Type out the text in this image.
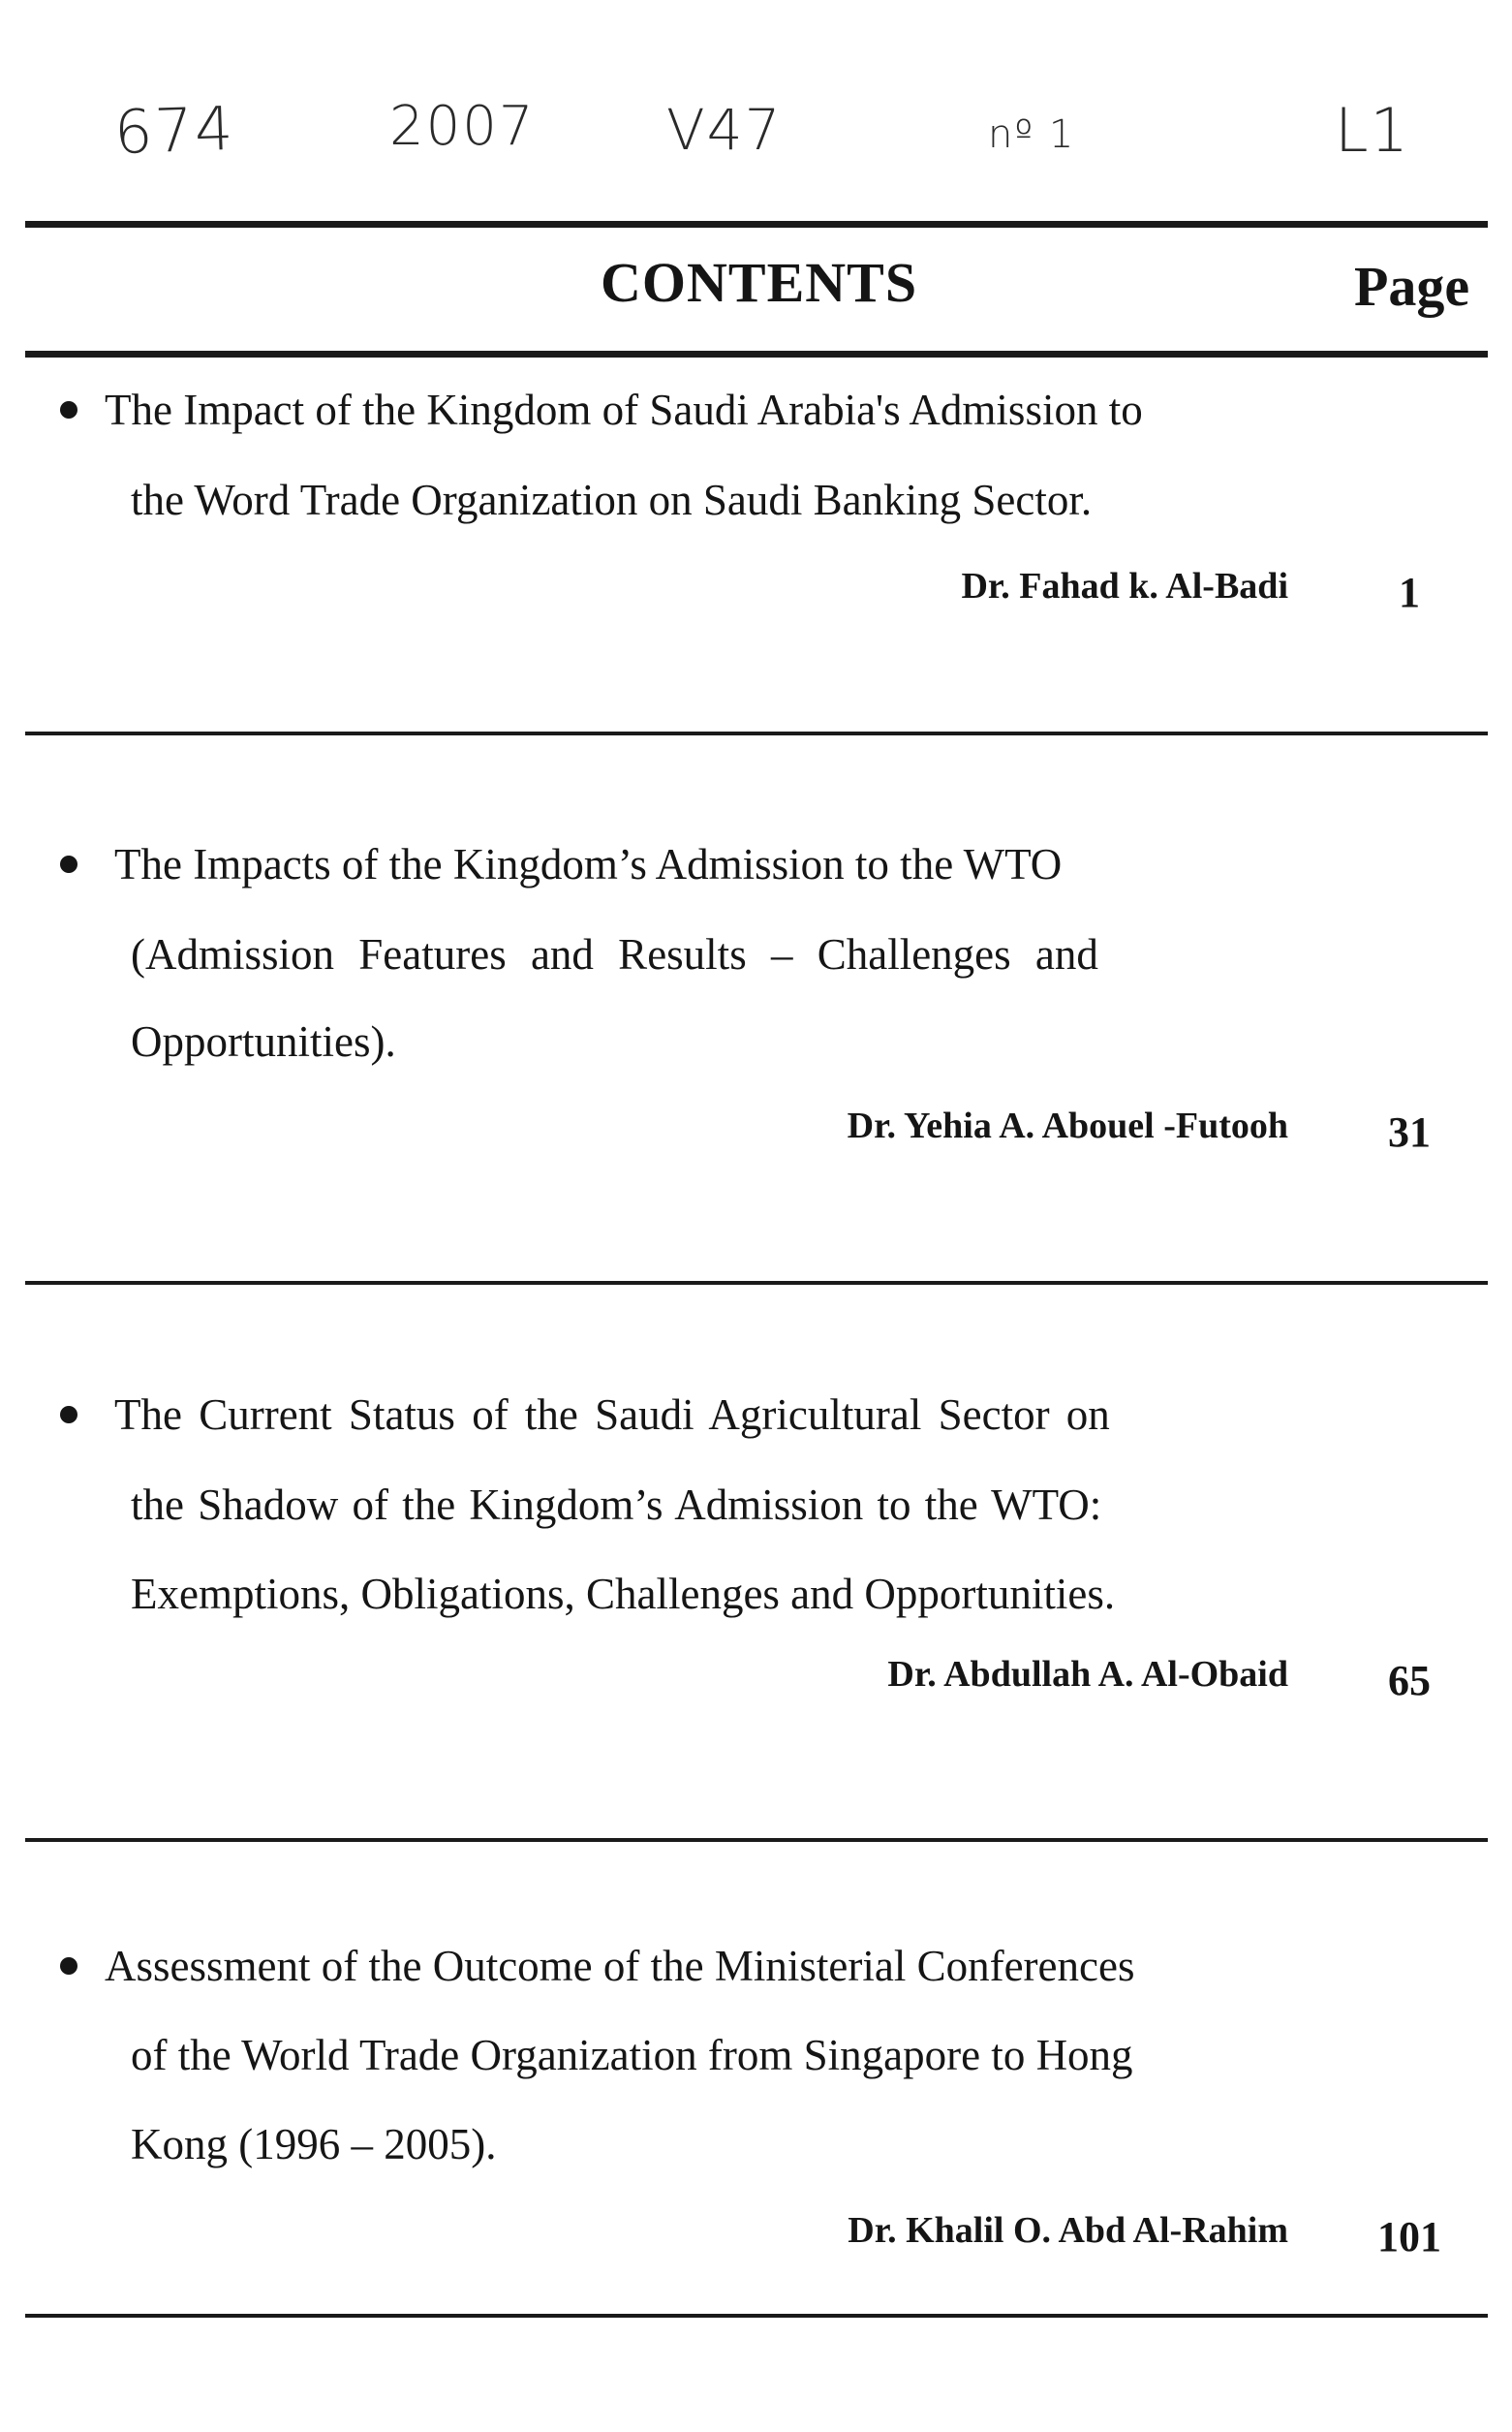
674	2007 V47	nº 1	L1
CONTENTS	Page
The Impact of the Kingdom of Saudi Arabia's Admission to
the Word Trade Organization on Saudi Banking Sector.
Dr. Fahad k. Al-Badi	1
The Impacts of the Kingdom’s Admission to the WTO
(Admission Features and Results – Challenges and
Opportunities).
Dr. Yehia A. Abouel -Futooh	31
The Current Status of the Saudi Agricultural Sector on
the Shadow of the Kingdom’s Admission to the WTO:
Exemptions, Obligations, Challenges and Opportunities.
Dr. Abdullah A. Al-Obaid	65
Assessment of the Outcome of the Ministerial Conferences
of the World Trade Organization from Singapore to Hong
Kong (1996 – 2005).
Dr. Khalil O. Abd Al-Rahim	101
